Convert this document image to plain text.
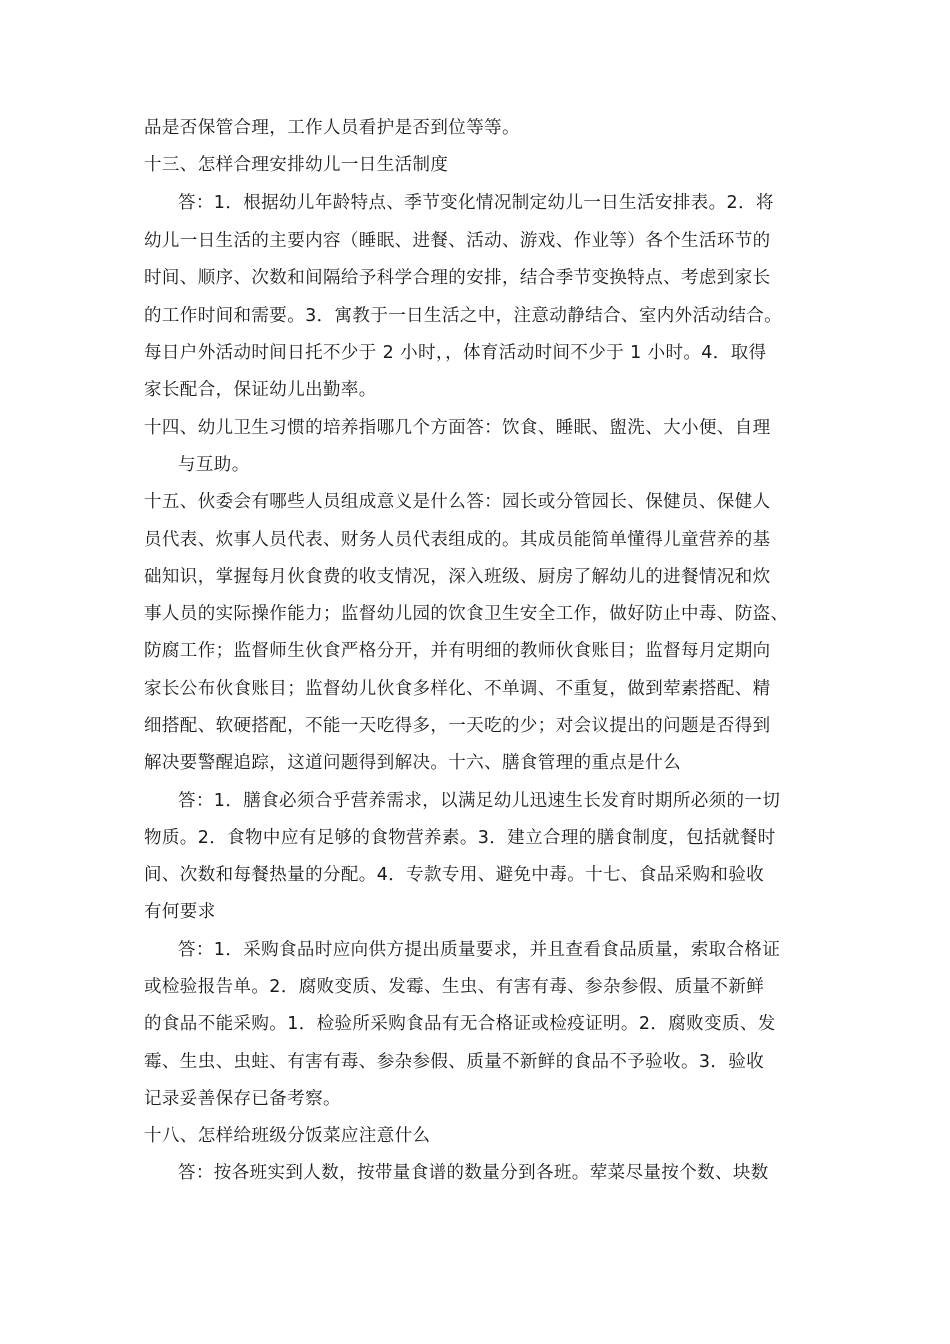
品是否保管合理，工作人员看护是否到位等等。
十三、怎样合理安排幼儿一日生活制度
答：1．根据幼儿年龄特点、季节变化情况制定幼儿一日生活安排表。2．将
幼儿一日生活的主要内容（睡眠、进餐、活动、游戏、作业等）各个生活环节的
时间、顺序、次数和间隔给予科学合理的安排，结合季节变换特点、考虑到家长
的工作时间和需要。3．寓教于一日生活之中，注意动静结合、室内外活动结合。
每日户外活动时间日托不少于 2 小时，，体育活动时间不少于 1 小时。4．取得
家长配合，保证幼儿出勤率。
十四、幼儿卫生习惯的培养指哪几个方面答：饮食、睡眠、盥洗、大小便、自理
与互助。
十五、伙委会有哪些人员组成意义是什么答：园长或分管园长、保健员、保健人
员代表、炊事人员代表、财务人员代表组成的。其成员能简单懂得儿童营养的基
础知识，掌握每月伙食费的收支情况，深入班级、厨房了解幼儿的进餐情况和炊
事人员的实际操作能力；监督幼儿园的饮食卫生安全工作，做好防止中毒、防盗、
防腐工作；监督师生伙食严格分开，并有明细的教师伙食账目；监督每月定期向
家长公布伙食账目；监督幼儿伙食多样化、不单调、不重复，做到荤素搭配、精
细搭配、软硬搭配，不能一天吃得多，一天吃的少；对会议提出的问题是否得到
解决要警醒追踪，这道问题得到解决。十六、膳食管理的重点是什么
答：1．膳食必须合乎营养需求，以满足幼儿迅速生长发育时期所必须的一切
物质。2．食物中应有足够的食物营养素。3．建立合理的膳食制度，包括就餐时
间、次数和每餐热量的分配。4．专款专用、避免中毒。十七、食品采购和验收
有何要求
答：1．采购食品时应向供方提出质量要求，并且查看食品质量，索取合格证
或检验报告单。2．腐败变质、发霉、生虫、有害有毒、参杂参假、质量不新鲜
的食品不能采购。1．检验所采购食品有无合格证或检疫证明。2．腐败变质、发
霉、生虫、虫蛀、有害有毒、参杂参假、质量不新鲜的食品不予验收。3．验收
记录妥善保存已备考察。
十八、怎样给班级分饭菜应注意什么
答：按各班实到人数，按带量食谱的数量分到各班。荤菜尽量按个数、块数
